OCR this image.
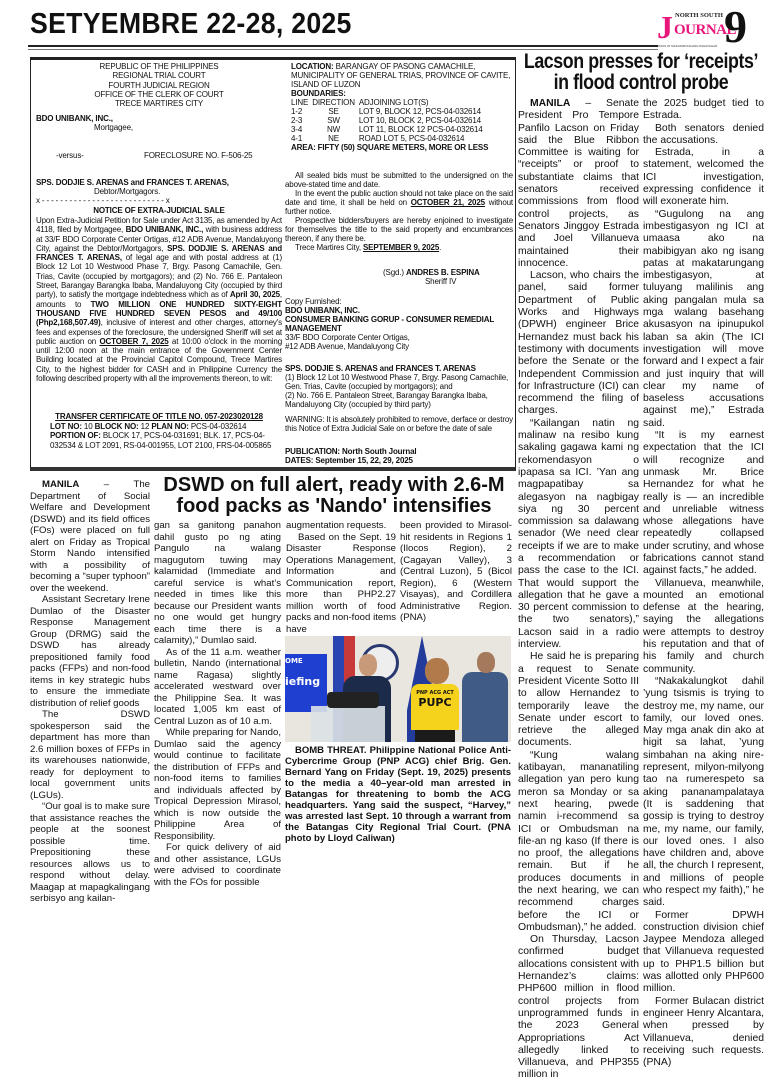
SETYEMBRE 22-28, 2025	J NORTH SOUTH
OURNAL
PATAS AT MAKATARUNGANG PAHAYAGAN 9
REPUBLIC OF THE PHILIPPINES
REGIONAL TRIAL COURT
FOURTH JUDICIAL REGION
OFFICE OF THE CLERK OF COURT
TRECE MARTIRES CITY
BDO UNIBANK, INC.,
Mortgagee,
-versus-	FORECLOSURE NO. F-506-25
SPS. DODJIE S. ARENAS and FRANCES T. ARENAS,
Debtor/Mortgagors.
x - - - - - - - - - - - - - - - - - - - - - - - - - - - x
NOTICE OF EXTRA-JUDICIAL SALE
Upon Extra-Judicial Petition for Sale under Act 3135, as amended by Act 4118, filed by Mortgagee, BDO UNIBANK, INC., with business address at 33/F BDO Corporate Center Ortigas, #12 ADB Avenue, Mandaluyong City, against the Debtor/Mortgagors, SPS. DODJIE S. ARENAS and FRANCES T. ARENAS, of legal age and with postal address at (1) Block 12 Lot 10 Westwood Phase 7, Brgy. Pasong Camachile, Gen. Trias, Cavite (occupied by mortgagors); and (2) No. 766 E. Pantaleon Street, Barangay Barangka Ibaba, Mandaluyong City (occupied by third party), to satisfy the mortgage indebtedness which as of April 30, 2025, amounts to TWO MILLION ONE HUNDRED SIXTY-EIGHT THOUSAND FIVE HUNDRED SEVEN PESOS and 49/100 (Php2,168,507.49), inclusive of interest and other charges, attorney's fees and expenses of the foreclosure, the undersigned Sheriff will set at public auction on OCTOBER 7, 2025 at 10:00 o'clock in the morning until 12:00 noon at the main entrance of the Government Center Building located at the Provincial Capitol Compound, Trece Martires City, to the highest bidder for CASH and in Philippine Currency the following described property with all the improvements thereon, to wit:
TRANSFER CERTIFICATE OF TITLE NO. 057-2023020128
LOT NO: 10 BLOCK NO: 12 PLAN NO: PCS-04-032614
PORTION OF: BLOCK 17, PCS-04-031691; BLK. 17, PCS-04-032534 & LOT 2091, RS-04-001955, LOT 2100, FRS-04-005865
LOCATION: BARANGAY OF PASONG CAMACHILE, MUNICIPALITY OF GENERAL TRIAS, PROVINCE OF CAVITE, ISLAND OF LUZON
BOUNDARIES:
LINE	DIRECTION	ADJOINING LOT(S)
1-2	SE	LOT 9, BLOCK 12, PCS-04-032614
2-3	SW	LOT 10, BLOCK 2, PCS-04-032614
3-4	NW	LOT 11, BLOCK 12 PCS-04-032614
4-1	NE	ROAD LOT 5, PCS-04-032614
AREA: FIFTY (50) SQUARE METERS, MORE OR LESS
All sealed bids must be submitted to the undersigned on the above-stated time and date.
In the event the public auction should not take place on the said date and time, it shall be held on OCTOBER 21, 2025 without further notice.
Prospective bidders/buyers are hereby enjoined to investigate for themselves the title to the said property and encumbrances thereon, if any there be.
Trece Martires City, SEPTEMBER 9, 2025.
(Sgd.) ANDRES B. ESPINA
Sheriff IV
Copy Furnished:
BDO UNIBANK, INC.
CONSUMER BANKING GORUP - CONSUMER REMEDIAL MANAGEMENT
33/F BDO Corporate Center Ortigas,
#12 ADB Avenue, Mandaluyong City
SPS. DODJIE S. ARENAS and FRANCES T. ARENAS
(1) Block 12 Lot 10 Westwood Phase 7, Brgy. Pasong Camachile, Gen. Trias, Cavite (occupied by mortgagors); and
(2) No. 766 E. Pantaleon Street, Barangay Barangka Ibaba, Mandaluyong City (occupied by third party)
WARNING: It is absolutely prohibited to remove, derface or destroy this Notice of Extra Judicial Sale on or before the date of sale
PUBLICATION: North South Journal
DATES: September 15, 22, 29, 2025
Lacson presses for ‘receipts’ in flood control probe

MANILA – Senate President Pro Tempore Panfilo Lacson on Friday said the Blue Ribbon Committee is waiting for “receipts” or proof to substantiate claims that senators received commissions from flood control projects, as Senators Jinggoy Estrada and Joel Villanueva maintained their innocence.

Lacson, who chairs the panel, said former Department of Public Works and Highways (DPWH) engineer Brice Hernandez must back his testimony with documents before the Senate or the Independent Commission for Infrastructure (ICI) can recommend the filing of charges.

“Kailangan natin ng malinaw na resibo kung sakaling gagawa kami ng rekomendasyon o ipapasa sa ICI. ’Yan ang magpapatibay sa alegasyon na nagbigay siya ng 30 percent commission sa dalawang senador (We need clear receipts if we are to make a recommendation or pass the case to the ICI. That would support the allegation that he gave a 30 percent commission to the two senators),” Lacson said in a radio interview.

He said he is preparing a request to Senate President Vicente Sotto III to allow Hernandez to temporarily leave the Senate under escort to retrieve the alleged documents.

“Kung walang katibayan, mananatiling allegation yan pero kung meron sa Monday or sa next hearing, pwede namin i-recommend sa ICI or Ombudsman na file-an ng kaso (If there is no proof, the allegations remain. But if he produces documents in the next hearing, we can recommend charges before the ICI or Ombudsman),” he added.

On Thursday, Lacson confirmed budget allocations consistent with Hernandez’s claims: PHP600 million in flood control projects from unprogrammed funds in the 2023 General Appropriations Act allegedly linked to Villanueva, and PHP355 million in

the 2025 budget tied to Estrada.

Both senators denied the accusations.

Estrada, in a statement, welcomed the ICI investigation, expressing confidence it will exonerate him.

“Gugulong na ang imbestigasyon ng ICI at umaasa ako na mabibigyan ako ng isang patas at makatarungang imbestigasyon, at tuluyang malilinis ang aking pangalan mula sa mga walang basehang akusasyon na ipinupukol laban sa akin (The ICI investigation will move forward and I expect a fair and just inquiry that will clear my name of baseless accusations against me),” Estrada said.

“It is my earnest expectation that the ICI will recognize and unmask Mr. Brice Hernandez for what he really is — an incredible and unreliable witness whose allegations have repeatedly collapsed under scrutiny, and whose fabrications cannot stand against facts,” he added.

Villanueva, meanwhile, mounted an emotional defense at the hearing, saying the allegations were attempts to destroy his reputation and that of his family and church community.

“Nakakalungkot dahil ’yung tsismis is trying to destroy me, my name, our family, our loved ones. May mga anak din ako at higit sa lahat, ’yung simbahan na aking nire-represent, milyon-milyong tao na rumerespeto sa aking pananampalataya (It is saddening that gossip is trying to destroy me, my name, our family, our loved ones. I also have children and, above all, the church I represent, and millions of people who respect my faith),” he said.

Former DPWH construction division chief Jaypee Mendoza alleged that Villanueva requested up to PHP1.5 billion but was allotted only PHP600 million.

Former Bulacan district engineer Henry Alcantara, when pressed by Villanueva, denied receiving such requests. (PNA)

DSWD on full alert, ready with 2.6-M food packs as 'Nando' intensifies

MANILA – The Department of Social Welfare and Development (DSWD) and its field offices (FOs) were placed on full alert on Friday as Tropical Storm Nando intensified with a possibility of becoming a “super typhoon” over the weekend.

Assistant Secretary Irene Dumlao of the Disaster Response Management Group (DRMG) said the DSWD has already prepositioned family food packs (FFPs) and non-food items in key strategic hubs to ensure the immediate distribution of relief goods

The DSWD spokesperson said the department has more than 2.6 million boxes of FFPs in its warehouses nationwide, ready for deployment to local government units (LGUs).

“Our goal is to make sure that assistance reaches the people at the soonest possible time. Prepositioning these resources allows us to respond without delay. Maagap at mapagkalingang serbisyo ang kailan-

gan sa ganitong panahon dahil gusto po ng ating Pangulo na walang magugutom tuwing may kalamidad (Immediate and careful service is what’s needed in times like this because our President wants no one would get hungry each time there is a calamity),” Dumlao said.

As of the 11 a.m. weather bulletin, Nando (international name Ragasa) slightly accelerated westward over the Philippine Sea. It was located 1,005 km east of Central Luzon as of 10 a.m.

While preparing for Nando, Dumlao said the agency would continue to facilitate the distribution of FFPs and non-food items to families and individuals affected by Tropical Depression Mirasol, which is now outside the Philippine Area of Responsibility.

For quick delivery of aid and other assistance, LGUs were advised to coordinate with the FOs for possible

augmentation requests.

Based on the Sept. 19 Disaster Response Operations Management, Information and Communication report, more than PHP2.27 million worth of food packs and non-food items have

been provided to Mirasol-hit residents in Regions 1 (Ilocos Region), 2 (Cagayan Valley), 3 (Central Luzon), 5 (Bicol Region), 6 (Western Visayas), and Cordillera Administrative Region. (PNA)

OME
iefing
PNP ACG ACT
PUPC
BOMB THREAT. Philippine National Police Anti-Cybercrime Group (PNP ACG) chief Brig. Gen. Bernard Yang on Friday (Sept. 19, 2025) presents to the media a 40–year-old man arrested in Batangas for threatening to bomb the ACG headquarters. Yang said the suspect, “Harvey,” was arrested last Sept. 10 through a warrant from the Batangas City Regional Trial Court. (PNA photo by Lloyd Caliwan)
